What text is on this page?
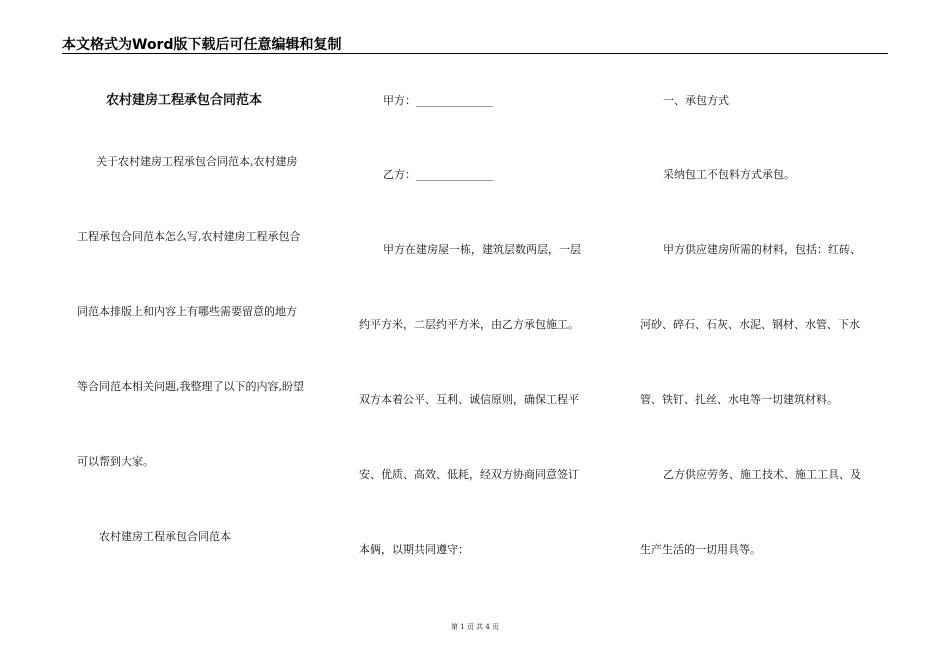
本文格式为Word版下载后可任意编辑和复制
农村建房工程承包合同范本
关于农村建房工程承包合同范本,农村建房
工程承包合同范本怎么写,农村建房工程承包合
同范本排版上和内容上有哪些需要留意的地方
等合同范本相关问题,我整理了以下的内容,盼望
可以帮到大家。
农村建房工程承包合同范本
甲方：______________
乙方：______________
甲方在建房屋一栋，建筑层数两层，一层
约平方米，二层约平方米，由乙方承包施工。
双方本着公平、互利、诚信原则，确保工程平
安、优质、高效、低耗，经双方协商同意签订
本俩，以期共同遵守：
一、承包方式
采纳包工不包料方式承包。
甲方供应建房所需的材料，包括：红砖、
河砂、碎石、石灰、水泥、钢材、水管、下水
管、铁钉、扎丝、水电等一切建筑材料。
乙方供应劳务、施工技术、施工工具、及
生产生活的一切用具等。
第 1 页 共 4 页
